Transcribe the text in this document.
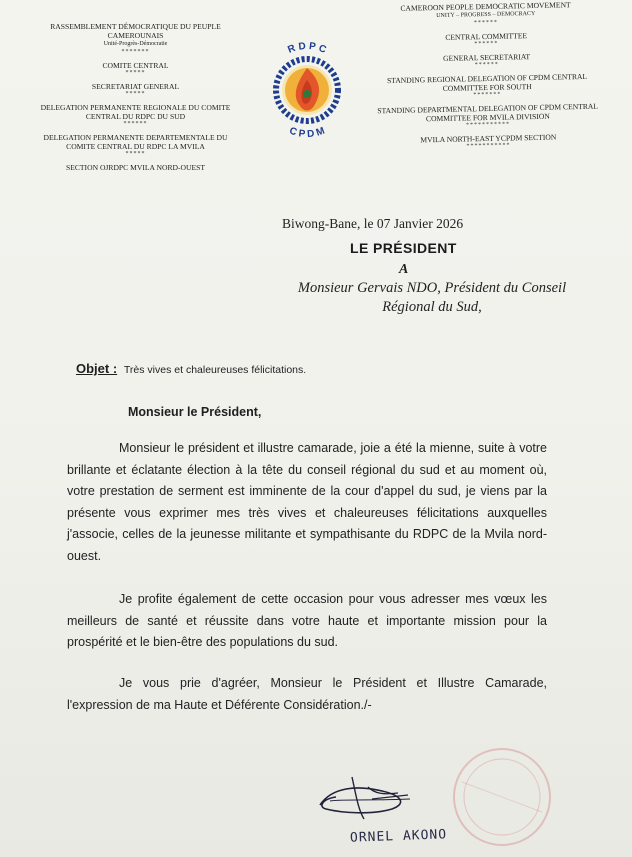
RASSEMBLEMENT DÉMOCRATIQUE DU PEUPLE CAMEROUNAIS
Unité-Progrès-Démocratie
*******
COMITE CENTRAL
*****
SECRETARIAT GENERAL
*****
DELEGATION PERMANENTE REGIONALE DU COMITE CENTRAL DU RDPC DU SUD
******
DELEGATION PERMANENTE DEPARTEMENTALE DU COMITE CENTRAL DU RDPC LA MVILA
*****
SECTION OJRDPC MVILA NORD-OUEST
R D P C
C P D M
CAMEROON PEOPLE DEMOCRATIC MOVEMENT
UNITY – PROGRESS – DEMOCRACY
******
CENTRAL COMMITTEE
******
GENERAL SECRETARIAT
******
STANDING REGIONAL DELEGATION OF CPDM CENTRAL COMMITTEE FOR SOUTH
*******
STANDING DEPARTMENTAL DELEGATION OF CPDM CENTRAL COMMITTEE FOR MVILA DIVISION
***********
MVILA NORTH-EAST YCPDM SECTION
***********
Biwong-Bane, le 07 Janvier 2026
LE PRÉSIDENT
A
Monsieur Gervais NDO, Président du Conseil
Régional du Sud,
Objet : Très vives et chaleureuses félicitations.
Monsieur le Président,
Monsieur le président et illustre camarade, joie a été la mienne, suite à votre brillante et éclatante élection à la tête du conseil régional du sud et au moment où, votre prestation de serment est imminente de la cour d'appel du sud, je viens par la présente vous exprimer mes très vives et chaleureuses félicitations auxquelles j'associe, celles de la jeunesse militante et sympathisante du RDPC de la Mvila nord-ouest.
Je profite également de cette occasion pour vous adresser mes vœux les meilleurs de santé et réussite dans votre haute et importante mission pour la prospérité et le bien-être des populations du sud.
Je vous prie d'agréer, Monsieur le Président et Illustre Camarade, l'expression de ma Haute et Déférente Considération./-
ORNEL AKONO
